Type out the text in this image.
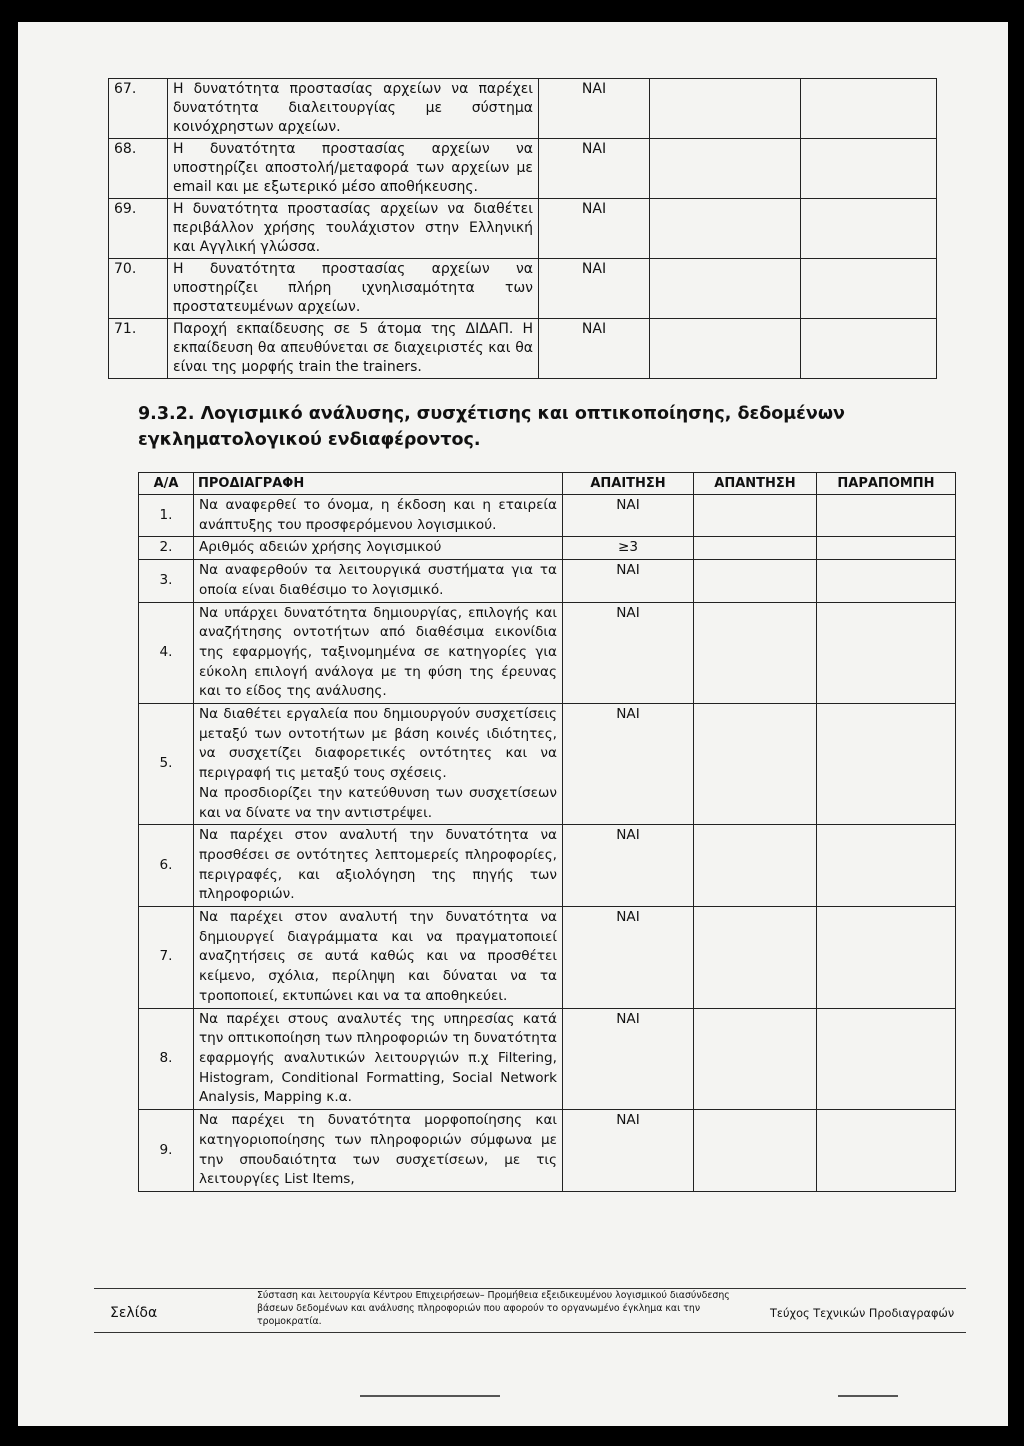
67.	Η δυνατότητα προστασίας αρχείων να παρέχει δυνατότητα διαλειτουργίας με σύστημα κοινόχρηστων αρχείων.	ΝΑΙ		
68.	Η δυνατότητα προστασίας αρχείων να υποστηρίζει αποστολή/μεταφορά των αρχείων με email και με εξωτερικό μέσο αποθήκευσης.	ΝΑΙ		
69.	Η δυνατότητα προστασίας αρχείων να διαθέτει περιβάλλον χρήσης τουλάχιστον στην Ελληνική και Αγγλική γλώσσα.	ΝΑΙ		
70.	Η δυνατότητα προστασίας αρχείων να υποστηρίζει πλήρη ιχνηλισαμότητα των προστατευμένων αρχείων.	ΝΑΙ		
71.	Παροχή εκπαίδευσης σε 5 άτομα της ΔΙΔΑΠ. Η εκπαίδευση θα απευθύνεται σε διαχειριστές και θα είναι της μορφής train the trainers.	ΝΑΙ		
9.3.2. Λογισμικό ανάλυσης, συσχέτισης και οπτικοποίησης, δεδομένων εγκληματολογικού ενδιαφέροντος.
Α/Α	ΠΡΟΔΙΑΓΡΑΦΗ	ΑΠΑΙΤΗΣΗ	ΑΠΑΝΤΗΣΗ	ΠΑΡΑΠΟΜΠΗ
1.	Να αναφερθεί το όνομα, η έκδοση και η εταιρεία ανάπτυξης του προσφερόμενου λογισμικού.	ΝΑΙ		
2.	Αριθμός αδειών χρήσης λογισμικού	≥3		
3.	Να αναφερθούν τα λειτουργικά συστήματα για τα οποία είναι διαθέσιμο το λογισμικό.	ΝΑΙ		
4.	Να υπάρχει δυνατότητα δημιουργίας, επιλογής και αναζήτησης οντοτήτων από διαθέσιμα εικονίδια της εφαρμογής, ταξινομημένα σε κατηγορίες για εύκολη επιλογή ανάλογα με τη φύση της έρευνας και το είδος της ανάλυσης.	ΝΑΙ		
5.	Να διαθέτει εργαλεία που δημιουργούν συσχετίσεις μεταξύ των οντοτήτων με βάση κοινές ιδιότητες, να συσχετίζει διαφορετικές οντότητες και να περιγραφή τις μεταξύ τους σχέσεις.
Να προσδιορίζει την κατεύθυνση των συσχετίσεων και να δίνατε να την αντιστρέψει.	ΝΑΙ		
6.	Να παρέχει στον αναλυτή την δυνατότητα να προσθέσει σε οντότητες λεπτομερείς πληροφορίες, περιγραφές, και αξιολόγηση της πηγής των πληροφοριών.	ΝΑΙ		
7.	Να παρέχει στον αναλυτή την δυνατότητα να δημιουργεί διαγράμματα και να πραγματοποιεί αναζητήσεις σε αυτά καθώς και να προσθέτει κείμενο, σχόλια, περίληψη και δύναται να τα τροποποιεί, εκτυπώνει και να τα αποθηκεύει.	ΝΑΙ		
8.	Να παρέχει στους αναλυτές της υπηρεσίας κατά την οπτικοποίηση των πληροφοριών τη δυνατότητα εφαρμογής αναλυτικών λειτουργιών π.χ Filtering, Histogram, Conditional Formatting, Social Network Analysis, Mapping κ.α.	ΝΑΙ		
9.	Να παρέχει τη δυνατότητα μορφοποίησης και κατηγοριοποίησης των πληροφοριών σύμφωνα με την σπουδαιότητα των συσχετίσεων, με τις λειτουργίες List Items,	ΝΑΙ		
Σελίδα
Σύσταση και λειτουργία Κέντρου Επιχειρήσεων– Προμήθεια εξειδικευμένου λογισμικού διασύνδεσης βάσεων δεδομένων και ανάλυσης πληροφοριών που αφορούν το οργανωμένο έγκλημα και την τρομοκρατία.
Τεύχος Τεχνικών Προδιαγραφών
